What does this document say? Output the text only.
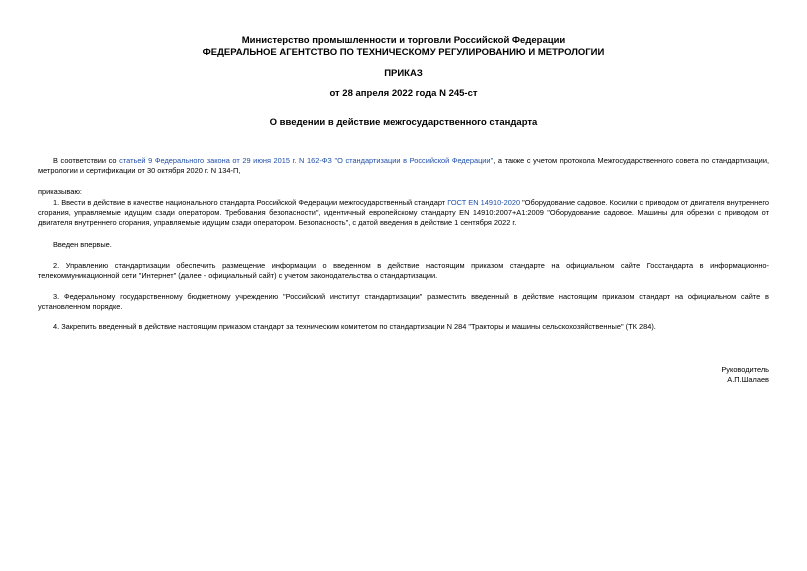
Министерство промышленности и торговли Российской Федерации
ФЕДЕРАЛЬНОЕ АГЕНТСТВО ПО ТЕХНИЧЕСКОМУ РЕГУЛИРОВАНИЮ И МЕТРОЛОГИИ
ПРИКАЗ
от 28 апреля 2022 года N 245-ст
О введении в действие межгосударственного стандарта
В соответствии со статьей 9 Федерального закона от 29 июня 2015 г. N 162-ФЗ "О стандартизации в Российской Федерации", а также с учетом протокола Межгосударственного совета по стандартизации, метрологии и сертификации от 30 октября 2020 г. N 134-П,
приказываю:
1. Ввести в действие в качестве национального стандарта Российской Федерации межгосударственный стандарт ГОСТ EN 14910-2020 "Оборудование садовое. Косилки с приводом от двигателя внутреннего сгорания, управляемые идущим сзади оператором. Требования безопасности", идентичный европейскому стандарту EN 14910:2007+A1:2009 "Оборудование садовое. Машины для обрезки с приводом от двигателя внутреннего сгорания, управляемые идущим сзади оператором. Безопасность", с датой введения в действие 1 сентября 2022 г.
Введен впервые.
2. Управлению стандартизации обеспечить размещение информации о введенном в действие настоящим приказом стандарте на официальном сайте Госстандарта в информационно-телекоммуникационной сети "Интернет" (далее - официальный сайт) с учетом законодательства о стандартизации.
3. Федеральному государственному бюджетному учреждению "Российский институт стандартизации" разместить введенный в действие настоящим приказом стандарт на официальном сайте в установленном порядке.
4. Закрепить введенный в действие настоящим приказом стандарт за техническим комитетом по стандартизации N 284 "Тракторы и машины сельскохозяйственные" (ТК 284).
Руководитель
А.П.Шалаев
